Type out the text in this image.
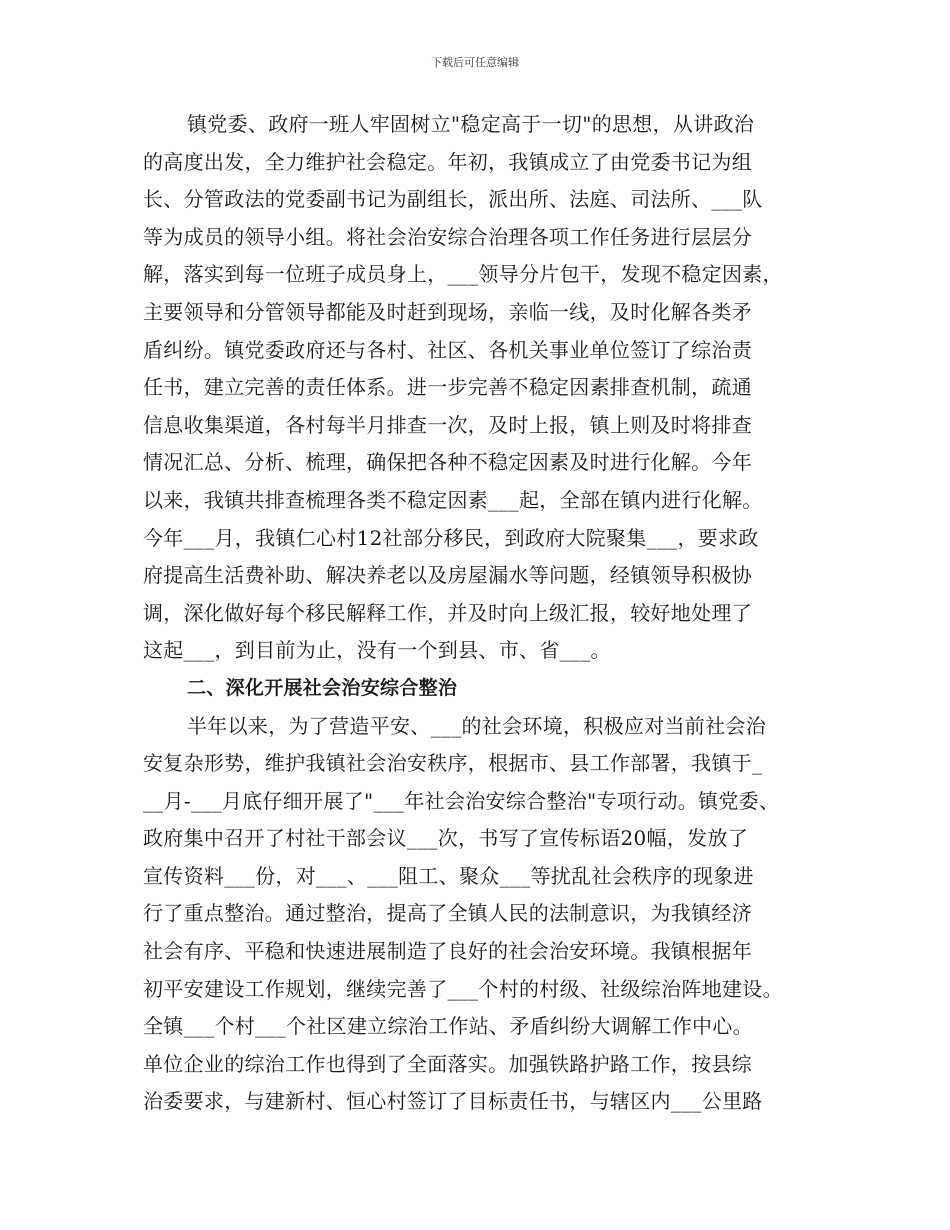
下载后可任意编辑
镇党委、政府一班人牢固树立"稳定高于一切"的思想，从讲政治
的高度出发，全力维护社会稳定。年初，我镇成立了由党委书记为组
长、分管政法的党委副书记为副组长，派出所、法庭、司法所、___队
等为成员的领导小组。将社会治安综合治理各项工作任务进行层层分
解，落实到每一位班子成员身上，___领导分片包干，发现不稳定因素，
主要领导和分管领导都能及时赶到现场，亲临一线，及时化解各类矛
盾纠纷。镇党委政府还与各村、社区、各机关事业单位签订了综治责
任书，建立完善的责任体系。进一步完善不稳定因素排查机制，疏通
信息收集渠道，各村每半月排查一次，及时上报，镇上则及时将排查
情况汇总、分析、梳理，确保把各种不稳定因素及时进行化解。今年
以来，我镇共排查梳理各类不稳定因素___起，全部在镇内进行化解。
今年___月，我镇仁心村12社部分移民，到政府大院聚集___，要求政
府提高生活费补助、解决养老以及房屋漏水等问题，经镇领导积极协
调，深化做好每个移民解释工作，并及时向上级汇报，较好地处理了
这起___，到目前为止，没有一个到县、市、省___。
二、深化开展社会治安综合整治
半年以来，为了营造平安、___的社会环境，积极应对当前社会治
安复杂形势，维护我镇社会治安秩序，根据市、县工作部署，我镇于_
__月-___月底仔细开展了"___年社会治安综合整治"专项行动。镇党委、
政府集中召开了村社干部会议___次，书写了宣传标语20幅，发放了
宣传资料___份，对___、___阻工、聚众___等扰乱社会秩序的现象进
行了重点整治。通过整治，提高了全镇人民的法制意识，为我镇经济
社会有序、平稳和快速进展制造了良好的社会治安环境。我镇根据年
初平安建设工作规划，继续完善了___个村的村级、社级综治阵地建设。
全镇___个村___个社区建立综治工作站、矛盾纠纷大调解工作中心。
单位企业的综治工作也得到了全面落实。加强铁路护路工作，按县综
治委要求，与建新村、恒心村签订了目标责任书，与辖区内___公里路
